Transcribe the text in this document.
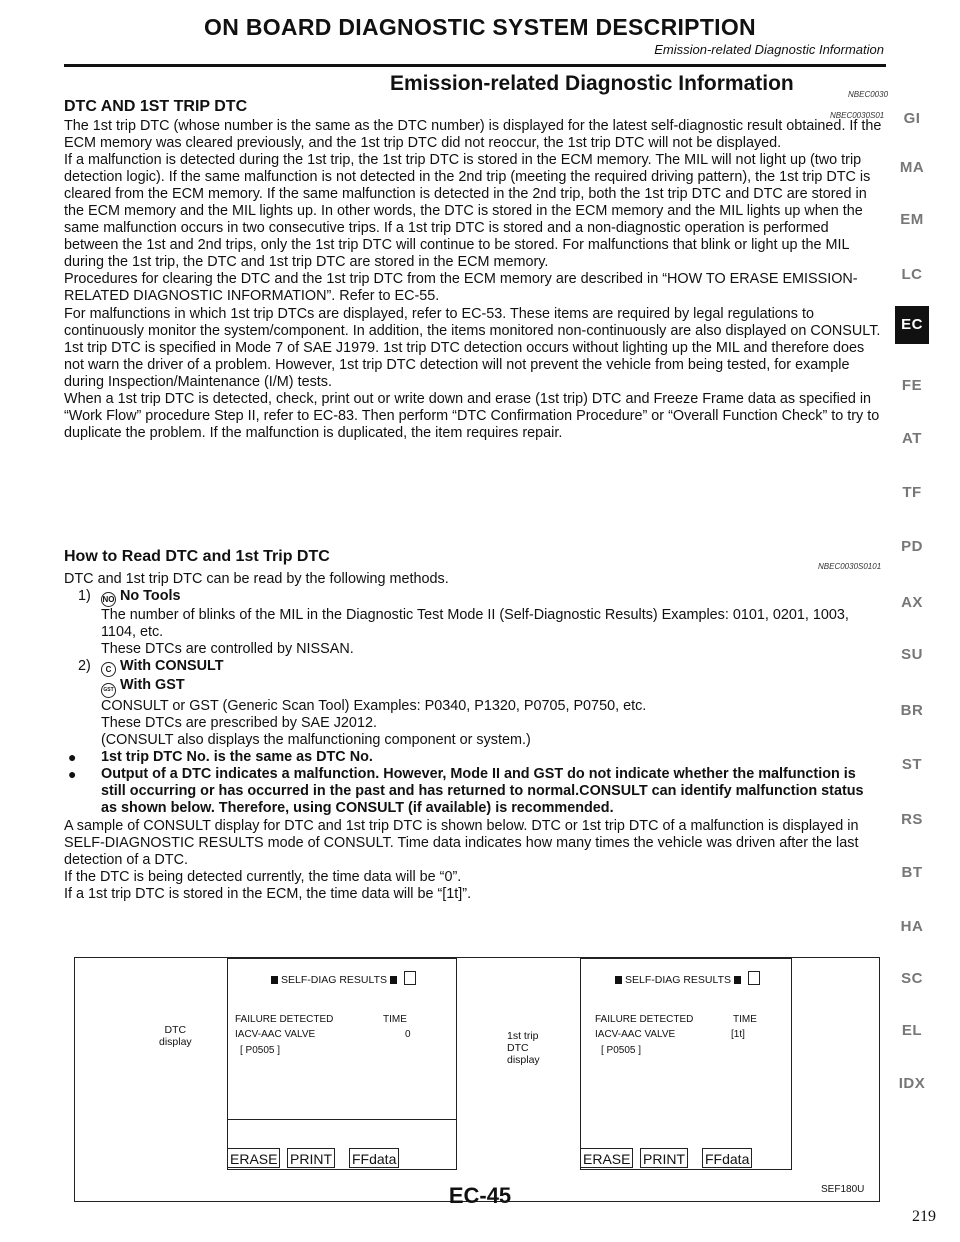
ON BOARD DIAGNOSTIC SYSTEM DESCRIPTION
Emission-related Diagnostic Information
Emission-related Diagnostic Information	NBEC0030
DTC AND 1ST TRIP DTC
NBEC0030S01

The 1st trip DTC (whose number is the same as the DTC number) is displayed for the latest self-diagnostic result obtained. If the ECM memory was cleared previously, and the 1st trip DTC did not reoccur, the 1st trip DTC will not be displayed.

If a malfunction is detected during the 1st trip, the 1st trip DTC is stored in the ECM memory. The MIL will not light up (two trip detection logic). If the same malfunction is not detected in the 2nd trip (meeting the required driving pattern), the 1st trip DTC is cleared from the ECM memory. If the same malfunction is detected in the 2nd trip, both the 1st trip DTC and DTC are stored in the ECM memory and the MIL lights up. In other words, the DTC is stored in the ECM memory and the MIL lights up when the same malfunction occurs in two consecutive trips. If a 1st trip DTC is stored and a non-diagnostic operation is performed between the 1st and 2nd trips, only the 1st trip DTC will continue to be stored. For malfunctions that blink or light up the MIL during the 1st trip, the DTC and 1st trip DTC are stored in the ECM memory.

Procedures for clearing the DTC and the 1st trip DTC from the ECM memory are described in “HOW TO ERASE EMISSION-RELATED DIAGNOSTIC INFORMATION”. Refer to EC-55.

For malfunctions in which 1st trip DTCs are displayed, refer to EC-53. These items are required by legal regulations to continuously monitor the system/component. In addition, the items monitored non-continuously are also displayed on CONSULT.

1st trip DTC is specified in Mode 7 of SAE J1979. 1st trip DTC detection occurs without lighting up the MIL and therefore does not warn the driver of a problem. However, 1st trip DTC detection will not prevent the vehicle from being tested, for example during Inspection/Maintenance (I/M) tests.

When a 1st trip DTC is detected, check, print out or write down and erase (1st trip) DTC and Freeze Frame data as specified in “Work Flow” procedure Step II, refer to EC-83. Then perform “DTC Confirmation Procedure” or “Overall Function Check” to try to duplicate the problem. If the malfunction is duplicated, the item requires repair.

How to Read DTC and 1st Trip DTC
NBEC0030S0101

DTC and 1st trip DTC can be read by the following methods.

1) NO No Tools
The number of blinks of the MIL in the Diagnostic Test Mode II (Self-Diagnostic Results) Examples: 0101, 0201, 1003, 1104, etc.
These DTCs are controlled by NISSAN.
2)	C With CONSULT
GST With GST
CONSULT or GST (Generic Scan Tool) Examples: P0340, P1320, P0705, P0750, etc.
These DTCs are prescribed by SAE J2012.
(CONSULT also displays the malfunctioning component or system.)
● 1st trip DTC No. is the same as DTC No.
● Output of a DTC indicates a malfunction. However, Mode II and GST do not indicate whether the malfunction is still occurring or has occurred in the past and has returned to normal.CONSULT can identify malfunction status as shown below. Therefore, using CONSULT (if available) is recommended.

A sample of CONSULT display for DTC and 1st trip DTC is shown below. DTC or 1st trip DTC of a malfunction is displayed in SELF-DIAGNOSTIC RESULTS mode of CONSULT. Time data indicates how many times the vehicle was driven after the last detection of a DTC.

If the DTC is being detected currently, the time data will be “0”.

If a 1st trip DTC is stored in the ECM, the time data will be “[1t]”.

DTC
display
SELF-DIAG RESULTS
FAILURE DETECTED	TIME
IACV-AAC VALVE	0
[ P0505 ]
ERASE PRINT FFdata
1st trip
DTC
display
SELF-DIAG RESULTS
FAILURE DETECTED	TIME
IACV-AAC VALVE	[1t]
[ P0505 ]
ERASE PRINT FFdata
SEF180U
GI
MA
EM
LC
EC
FE
AT
TF
PD
AX
SU
BR
ST
RS
BT
HA
SC
EL
IDX
EC-45
219
